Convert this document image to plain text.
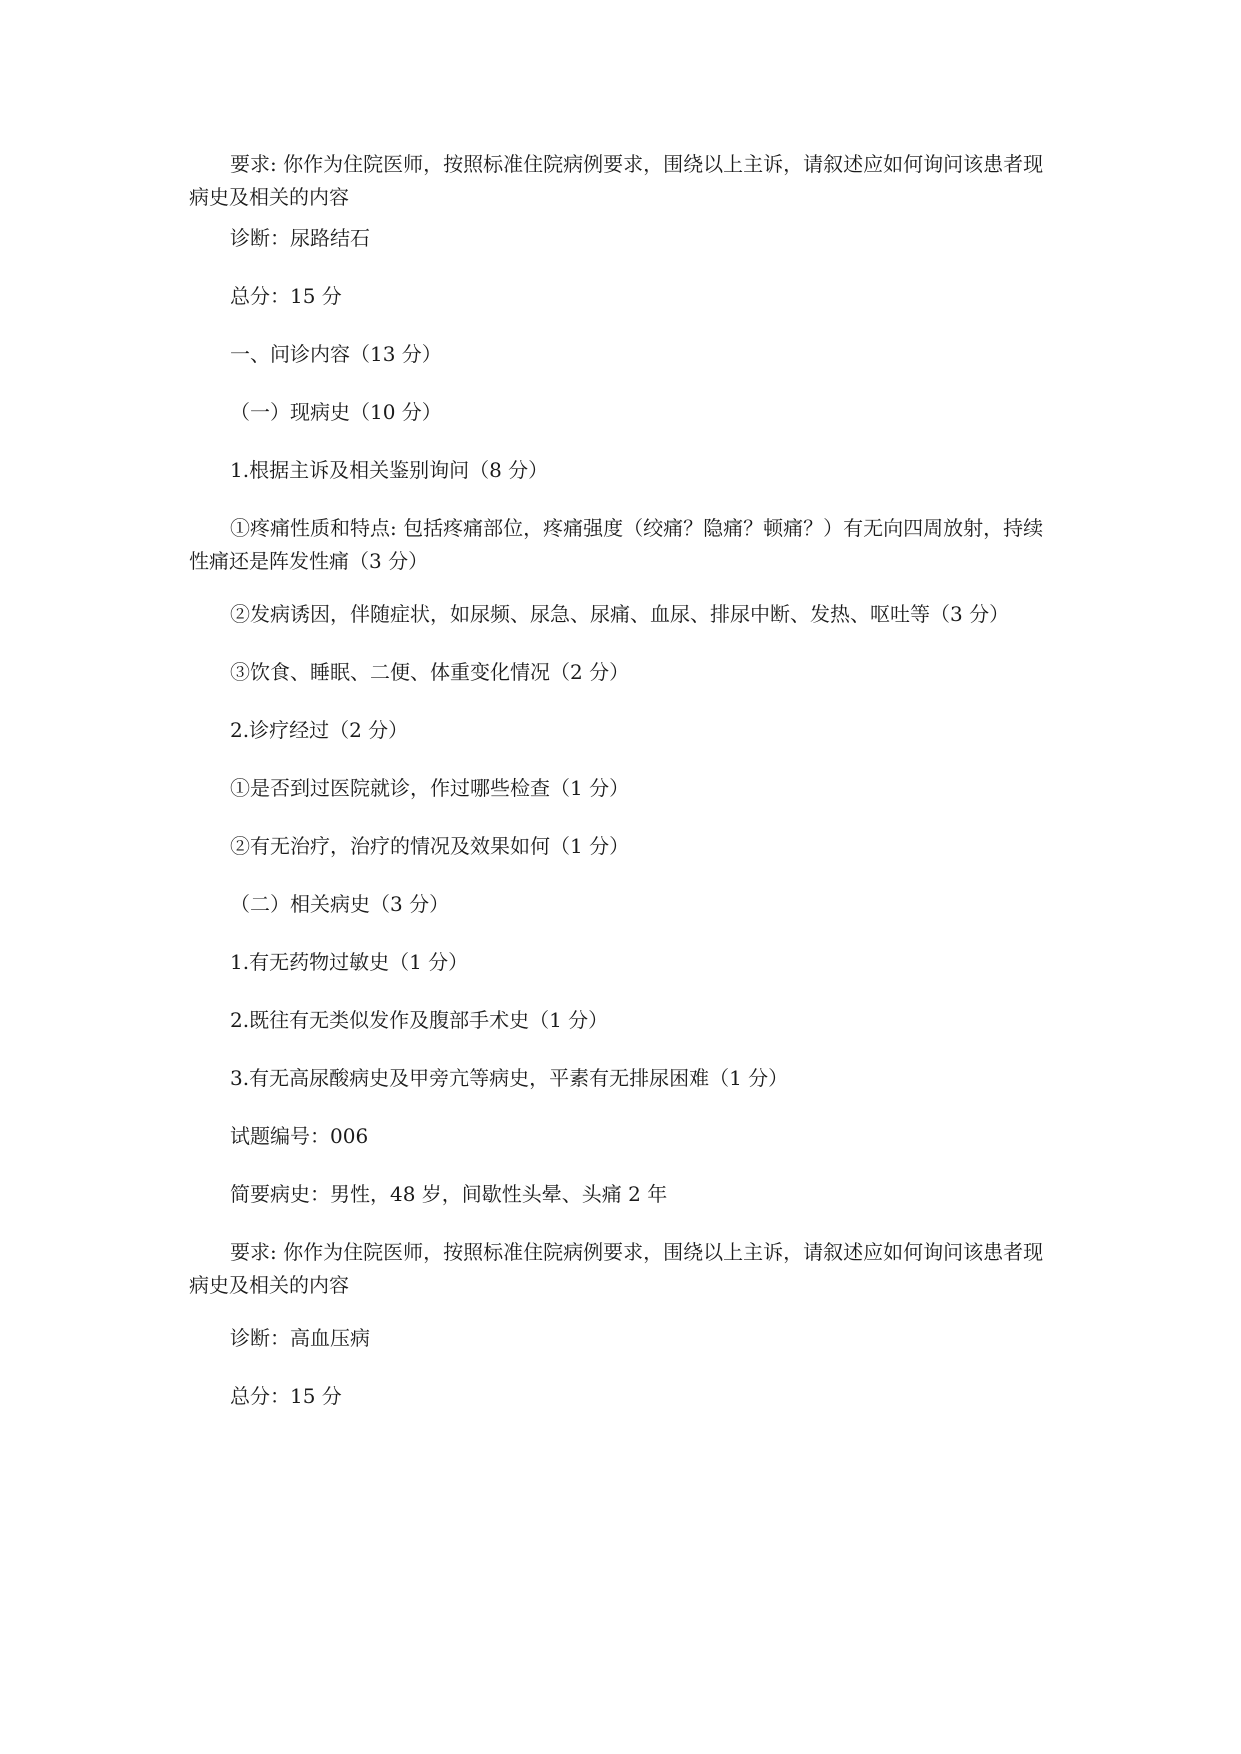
要求: 你作为住院医师，按照标准住院病例要求，围绕以上主诉，请叙述应如何询问该患者现病史及相关的内容

诊断：尿路结石

总分：15 分

一、问诊内容（13 分）

（一）现病史（10 分）

1.根据主诉及相关鉴别询问（8 分）

①疼痛性质和特点: 包括疼痛部位，疼痛强度（绞痛？隐痛？顿痛？）有无向四周放射，持续性痛还是阵发性痛（3 分）

②发病诱因，伴随症状，如尿频、尿急、尿痛、血尿、排尿中断、发热、呕吐等（3 分）

③饮食、睡眠、二便、体重变化情况（2 分）

2.诊疗经过（2 分）

①是否到过医院就诊，作过哪些检查（1 分）

②有无治疗，治疗的情况及效果如何（1 分）

（二）相关病史（3 分）

1.有无药物过敏史（1 分）

2.既往有无类似发作及腹部手术史（1 分）

3.有无高尿酸病史及甲旁亢等病史，平素有无排尿困难（1 分）

试题编号：006

简要病史：男性，48 岁，间歇性头晕、头痛 2 年

要求: 你作为住院医师，按照标准住院病例要求，围绕以上主诉，请叙述应如何询问该患者现病史及相关的内容

诊断：高血压病

总分：15 分
